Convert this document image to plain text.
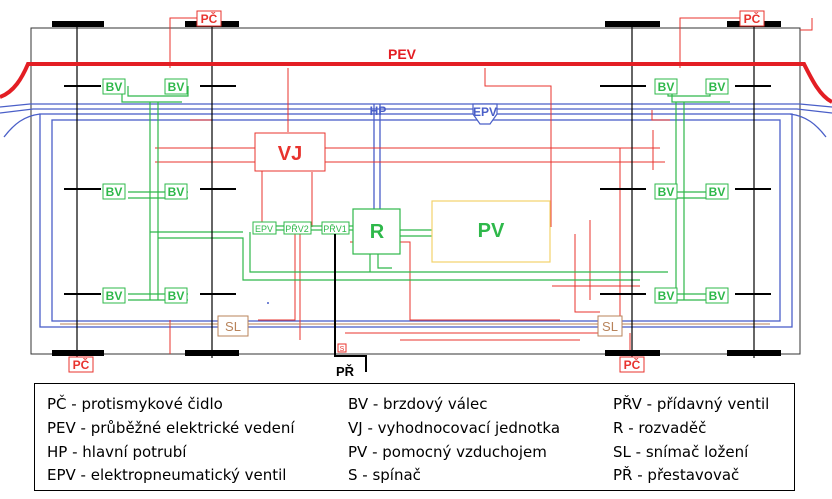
PEV
HP	EPV
PČ	PČ
PČ	PČ
BV	BV
BV	BV
BV	BV
BV	BV
BV	BV
BV	BV
VJ
EPV PŘV2 PŘV1 R	PV
SL	SL
S
PŘ
PČ - protismykové čidlo
PEV - průběžné elektrické vedení
HP - hlavní potrubí
EPV - elektropneumatický ventil
BV - brzdový válec
VJ - vyhodnocovací jednotka
PV - pomocný vzduchojem
S - spínač
PŘV - přídavný ventil
R - rozvaděč
SL - snímač ložení
PŘ - přestavovač
